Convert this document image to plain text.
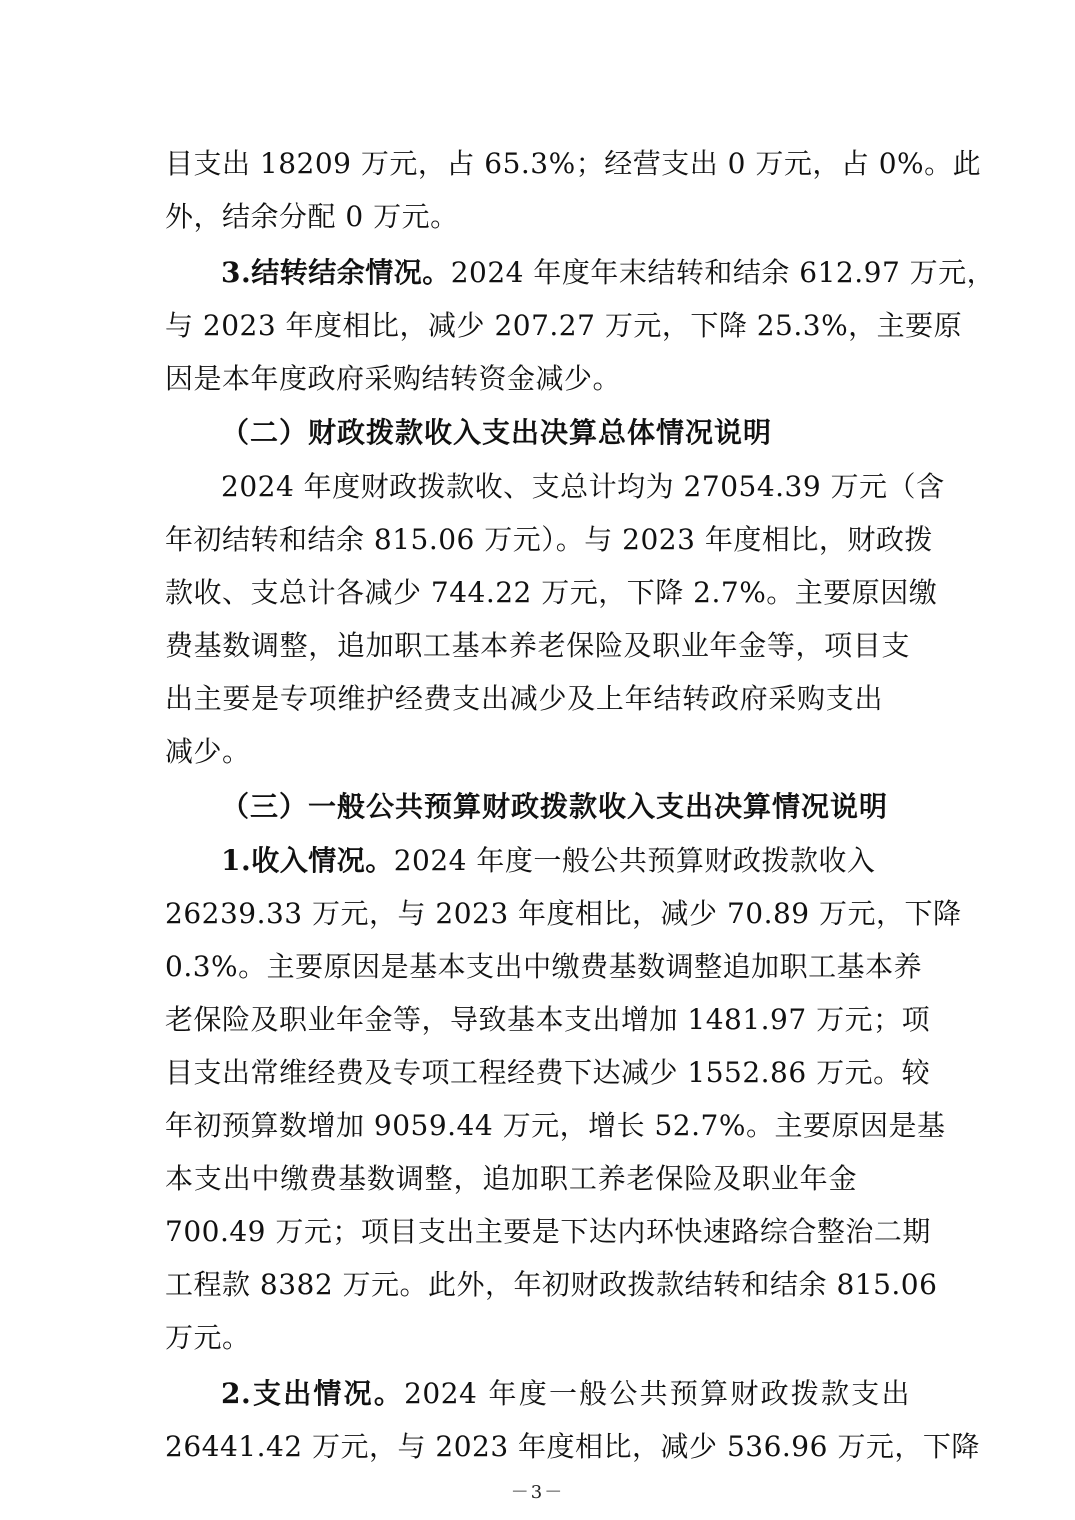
目支出 18209 万元，占 65.3%；经营支出 0 万元，占 0%。此
外，结余分配 0 万元。
3.结转结余情况。2024 年度年末结转和结余 612.97 万元，
与 2023 年度相比，减少 207.27 万元，下降 25.3%，主要原
因是本年度政府采购结转资金减少。
（二）财政拨款收入支出决算总体情况说明
2024 年度财政拨款收、支总计均为 27054.39 万元（含
年初结转和结余 815.06 万元）。与 2023 年度相比，财政拨
款收、支总计各减少 744.22 万元，下降 2.7%。主要原因缴
费基数调整，追加职工基本养老保险及职业年金等，项目支
出主要是专项维护经费支出减少及上年结转政府采购支出
减少。
（三）一般公共预算财政拨款收入支出决算情况说明
1.收入情况。2024 年度一般公共预算财政拨款收入
26239.33 万元，与 2023 年度相比，减少 70.89 万元，下降
0.3%。主要原因是基本支出中缴费基数调整追加职工基本养
老保险及职业年金等，导致基本支出增加 1481.97 万元；项
目支出常维经费及专项工程经费下达减少 1552.86 万元。较
年初预算数增加 9059.44 万元，增长 52.7%。主要原因是基
本支出中缴费基数调整，追加职工养老保险及职业年金
700.49 万元；项目支出主要是下达内环快速路综合整治二期
工程款 8382 万元。此外，年初财政拨款结转和结余 815.06
万元。
2.支出情况。2024 年度一般公共预算财政拨款支出
26441.42 万元，与 2023 年度相比，减少 536.96 万元，下降
－3－
